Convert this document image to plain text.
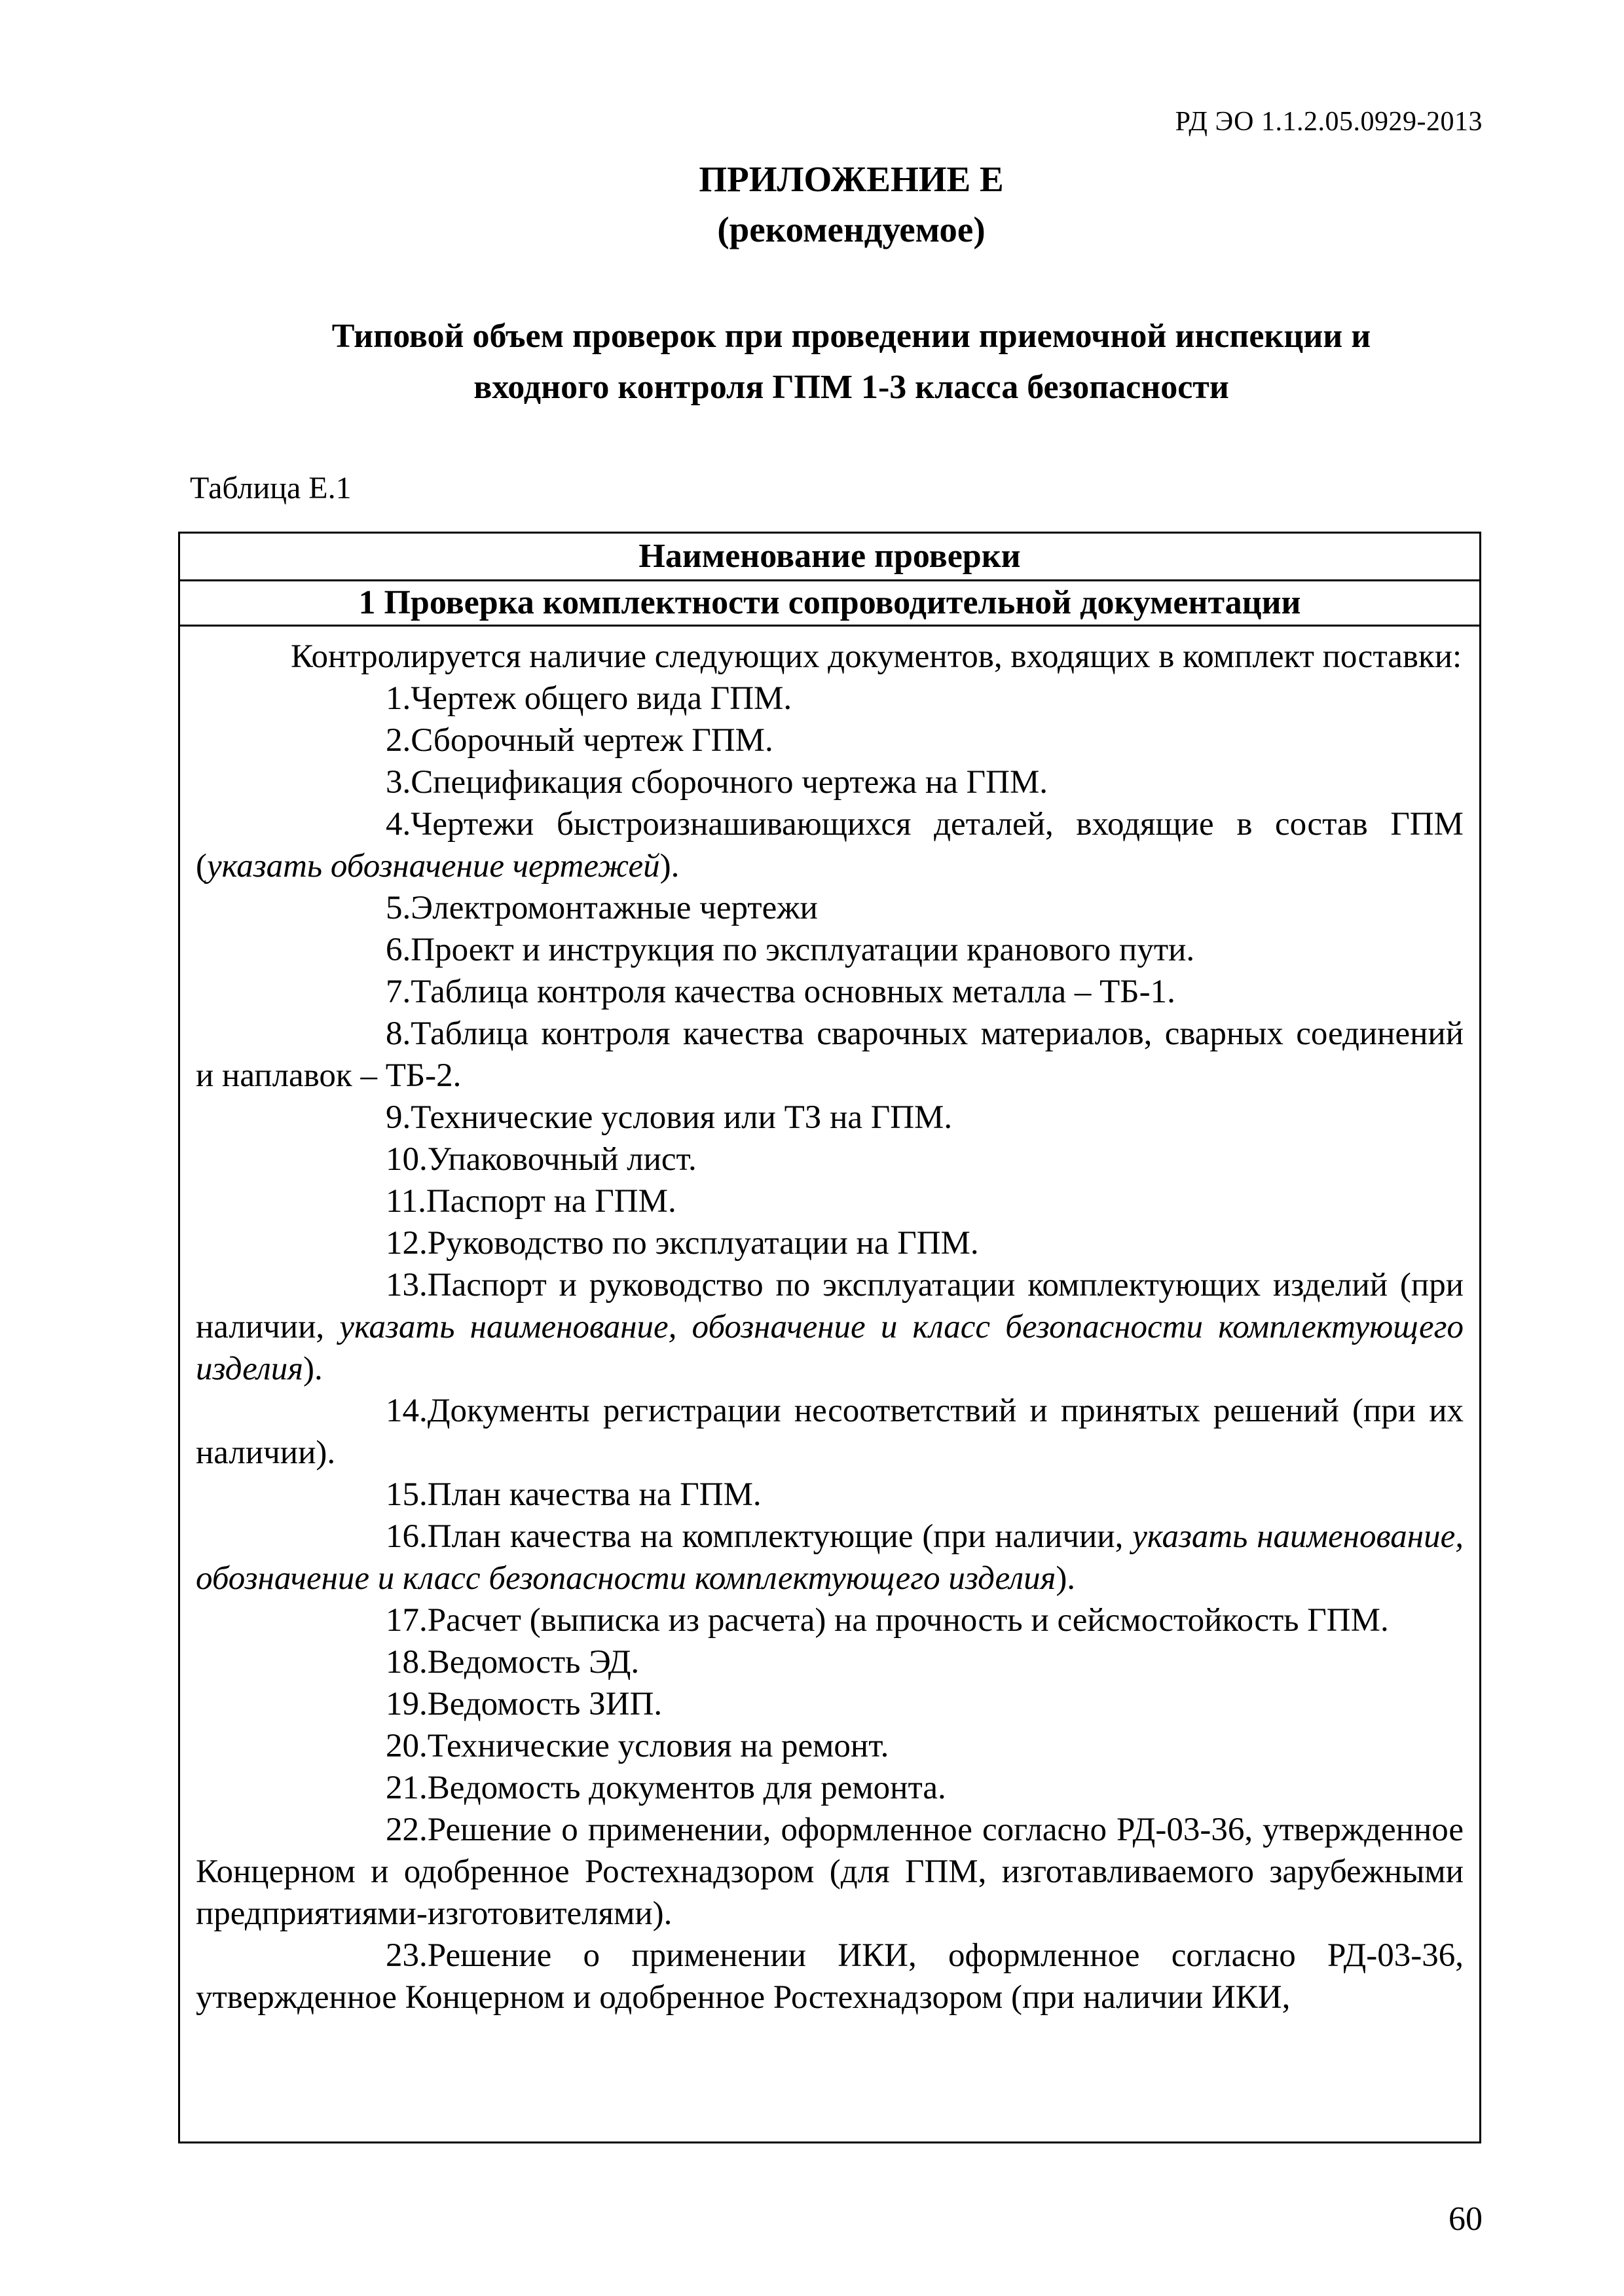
РД ЭО 1.1.2.05.0929-2013
ПРИЛОЖЕНИЕ Е
(рекомендуемое)
Типовой объем проверок при проведении приемочной инспекции и
входного контроля ГПМ 1-3 класса безопасности
Таблица Е.1
Наименование проверки
1 Проверка комплектности сопроводительной документации

Контролируется наличие следующих документов, входящих в комплект поставки:

1.Чертеж общего вида ГПМ.

2.Сборочный чертеж ГПМ.

3.Спецификация сборочного чертежа на ГПМ.

4.Чертежи быстроизнашивающихся деталей, входящие в состав ГПМ (указать обозначение чертежей).

5.Электромонтажные чертежи

6.Проект и инструкция по эксплуатации кранового пути.

7.Таблица контроля качества основных металла – ТБ-1.

8.Таблица контроля качества сварочных материалов, сварных соединений и наплавок – ТБ-2.

9.Технические условия или ТЗ на ГПМ.

10.Упаковочный лист.

11.Паспорт на ГПМ.

12.Руководство по эксплуатации на ГПМ.

13.Паспорт и руководство по эксплуатации комплектующих изделий (при наличии, указать наименование, обозначение и класс безопасности комплектующего изделия).

14.Документы регистрации несоответствий и принятых решений (при их наличии).

15.План качества на ГПМ.

16.План качества на комплектующие (при наличии, указать наименование, обозначение и класс безопасности комплектующего изделия).

17.Расчет (выписка из расчета) на прочность и сейсмостойкость ГПМ.

18.Ведомость ЭД.

19.Ведомость ЗИП.

20.Технические условия на ремонт.

21.Ведомость документов для ремонта.

22.Решение о применении, оформленное согласно РД-03-36, утвержденное Концерном и одобренное Ростехнадзором (для ГПМ, изготавливаемого зарубежными предприятиями-изготовителями).

23.Решение о применении ИКИ, оформленное согласно РД-03-36, утвержденное Концерном и одобренное Ростехнадзором (при наличии ИКИ,

60
